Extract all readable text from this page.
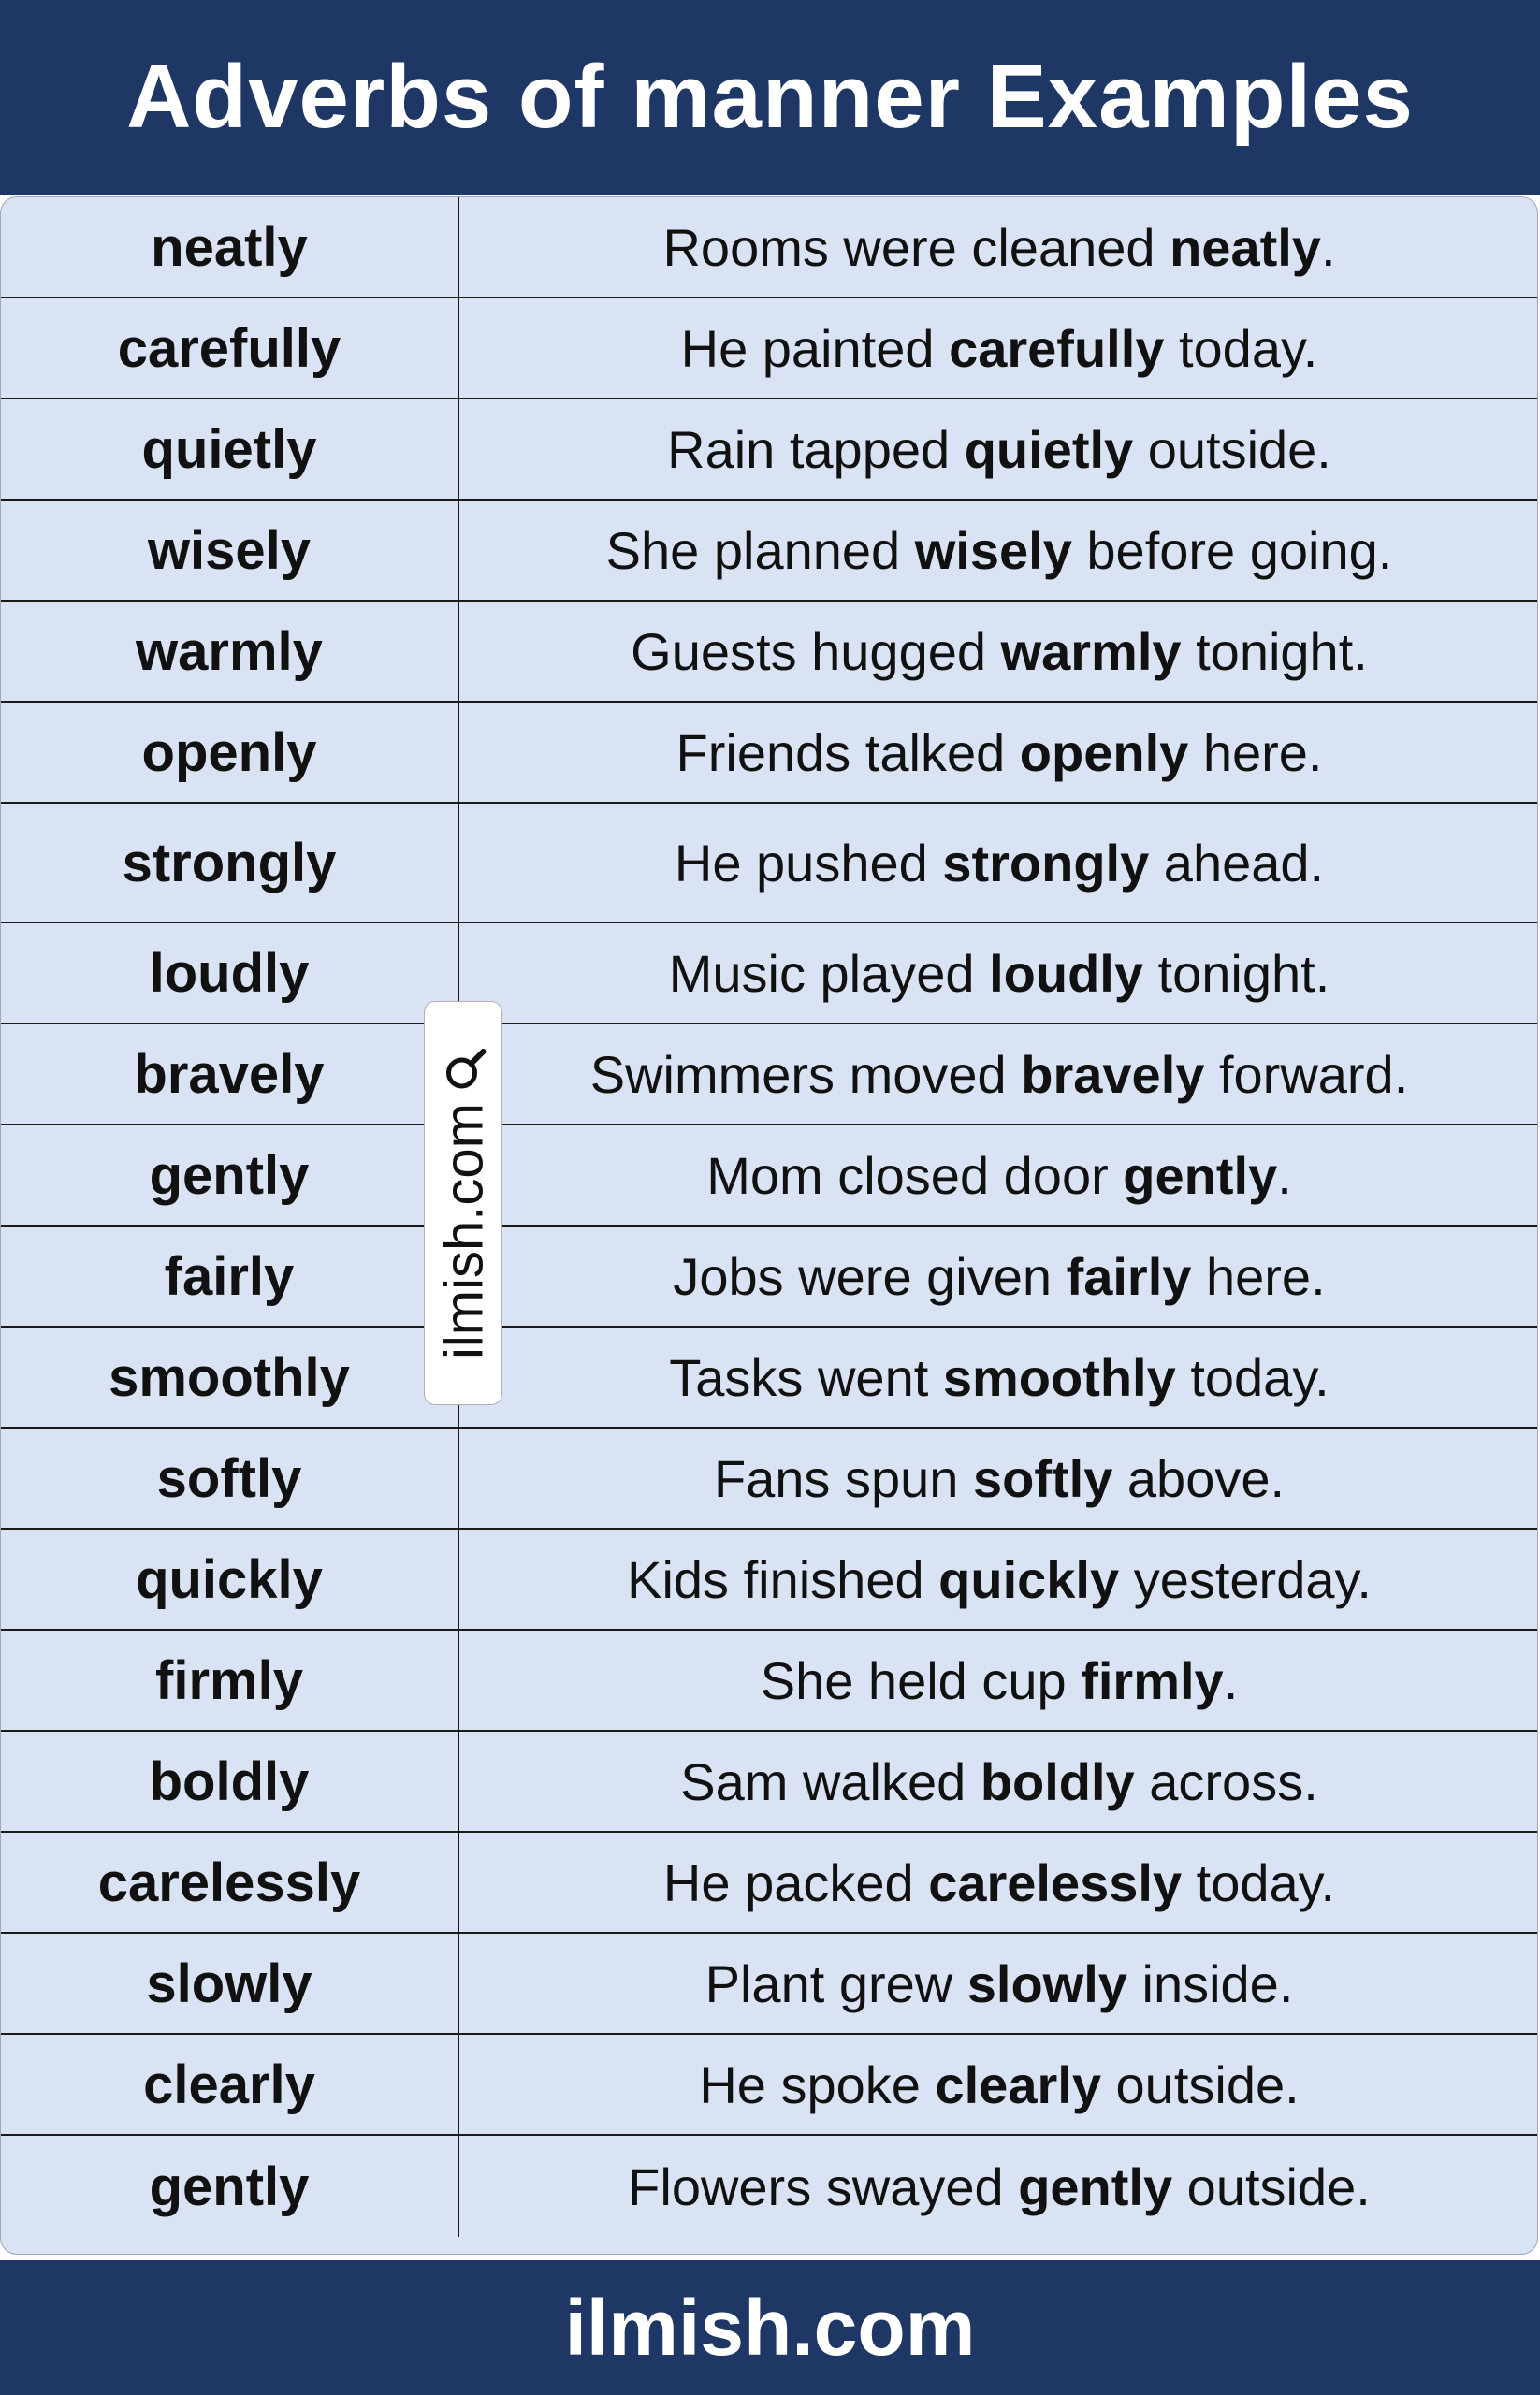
Adverbs of manner Examples
neatly	Rooms were cleaned neatly.
carefully	He painted carefully today.
quietly	Rain tapped quietly outside.
wisely	She planned wisely before going.
warmly	Guests hugged warmly tonight.
openly	Friends talked openly here.
strongly	He pushed strongly ahead.
loudly	Music played loudly tonight.
bravely	Swimmers moved bravely forward.
gently	Mom closed door gently.
fairly	Jobs were given fairly here.
smoothly	Tasks went smoothly today.
softly	Fans spun softly above.
quickly	Kids finished quickly yesterday.
firmly	She held cup firmly.
boldly	Sam walked boldly across.
carelessly	He packed carelessly today.
slowly	Plant grew slowly inside.
clearly	He spoke clearly outside.
gently	Flowers swayed gently outside.
ilmish.com
ilmish.com
